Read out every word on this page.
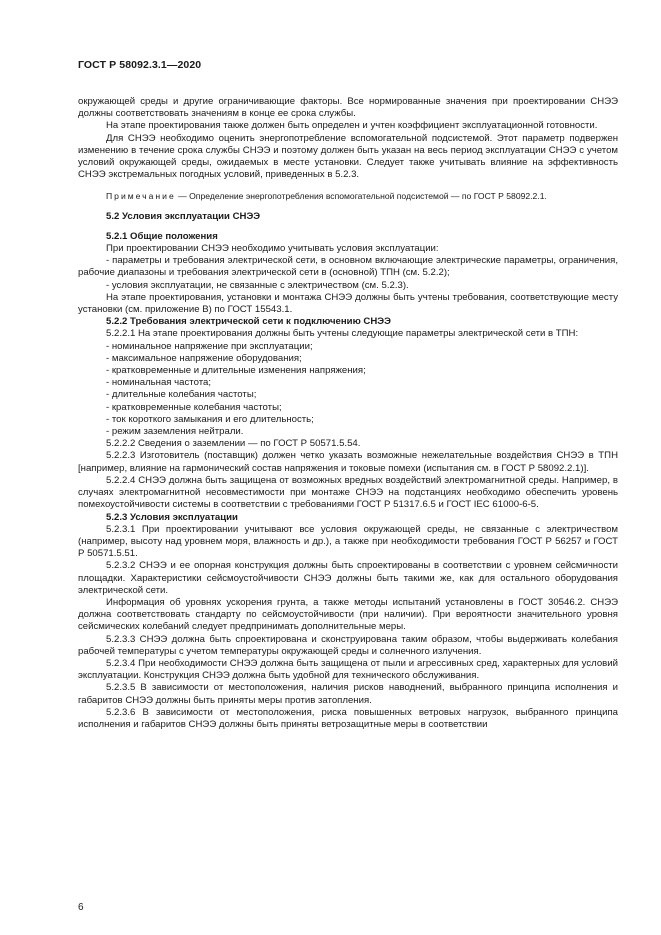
ГОСТ Р 58092.3.1—2020

окружающей среды и другие ограничивающие факторы. Все нормированные значения при проектировании СНЭЭ должны соответствовать значениям в конце ее срока службы.

На этапе проектирования также должен быть определен и учтен коэффициент эксплуатационной готовности.

Для СНЭЭ необходимо оценить энергопотребление вспомогательной подсистемой. Этот параметр подвержен изменению в течение срока службы СНЭЭ и поэтому должен быть указан на весь период эксплуатации СНЭЭ с учетом условий окружающей среды, ожидаемых в месте установки. Следует также учитывать влияние на эффективность СНЭЭ экстремальных погодных условий, приведенных в 5.2.3.

Примечание — Определение энергопотребления вспомогательной подсистемой — по ГОСТ Р 58092.2.1.

5.2 Условия эксплуатации СНЭЭ

5.2.1 Общие положения

При проектировании СНЭЭ необходимо учитывать условия эксплуатации:

- параметры и требования электрической сети, в основном включающие электрические параметры, ограничения, рабочие диапазоны и требования электрической сети в (основной) ТПН (см. 5.2.2);

- условия эксплуатации, не связанные с электричеством (см. 5.2.3).

На этапе проектирования, установки и монтажа СНЭЭ должны быть учтены требования, соответствующие месту установки (см. приложение В) по ГОСТ 15543.1.

5.2.2 Требования электрической сети к подключению СНЭЭ

5.2.2.1 На этапе проектирования должны быть учтены следующие параметры электрической сети в ТПН:

- номинальное напряжение при эксплуатации;

- максимальное напряжение оборудования;

- кратковременные и длительные изменения напряжения;

- номинальная частота;

- длительные колебания частоты;

- кратковременные колебания частоты;

- ток короткого замыкания и его длительность;

- режим заземления нейтрали.

5.2.2.2 Сведения о заземлении — по ГОСТ Р 50571.5.54.

5.2.2.3 Изготовитель (поставщик) должен четко указать возможные нежелательные воздействия СНЭЭ в ТПН [например, влияние на гармонический состав напряжения и токовые помехи (испытания см. в ГОСТ Р 58092.2.1)].

5.2.2.4 СНЭЭ должна быть защищена от возможных вредных воздействий электромагнитной среды. Например, в случаях электромагнитной несовместимости при монтаже СНЭЭ на подстанциях необходимо обеспечить уровень помехоустойчивости системы в соответствии с требованиями ГОСТ Р 51317.6.5 и ГОСТ IEC 61000-6-5.

5.2.3 Условия эксплуатации

5.2.3.1 При проектировании учитывают все условия окружающей среды, не связанные с электричеством (например, высоту над уровнем моря, влажность и др.), а также при необходимости требования ГОСТ Р 56257 и ГОСТ Р 50571.5.51.

5.2.3.2 СНЭЭ и ее опорная конструкция должны быть спроектированы в соответствии с уровнем сейсмичности площадки. Характеристики сейсмоустойчивости СНЭЭ должны быть такими же, как для остального оборудования электрической сети.

Информация об уровнях ускорения грунта, а также методы испытаний установлены в ГОСТ 30546.2. СНЭЭ должна соответствовать стандарту по сейсмоустойчивости (при наличии). При вероятности значительного уровня сейсмических колебаний следует предпринимать дополнительные меры.

5.2.3.3 СНЭЭ должна быть спроектирована и сконструирована таким образом, чтобы выдерживать колебания рабочей температуры с учетом температуры окружающей среды и солнечного излучения.

5.2.3.4 При необходимости СНЭЭ должна быть защищена от пыли и агрессивных сред, характерных для условий эксплуатации. Конструкция СНЭЭ должна быть удобной для технического обслуживания.

5.2.3.5 В зависимости от местоположения, наличия рисков наводнений, выбранного принципа исполнения и габаритов СНЭЭ должны быть приняты меры против затопления.

5.2.3.6 В зависимости от местоположения, риска повышенных ветровых нагрузок, выбранного принципа исполнения и габаритов СНЭЭ должны быть приняты ветрозащитные меры в соответствии

6
